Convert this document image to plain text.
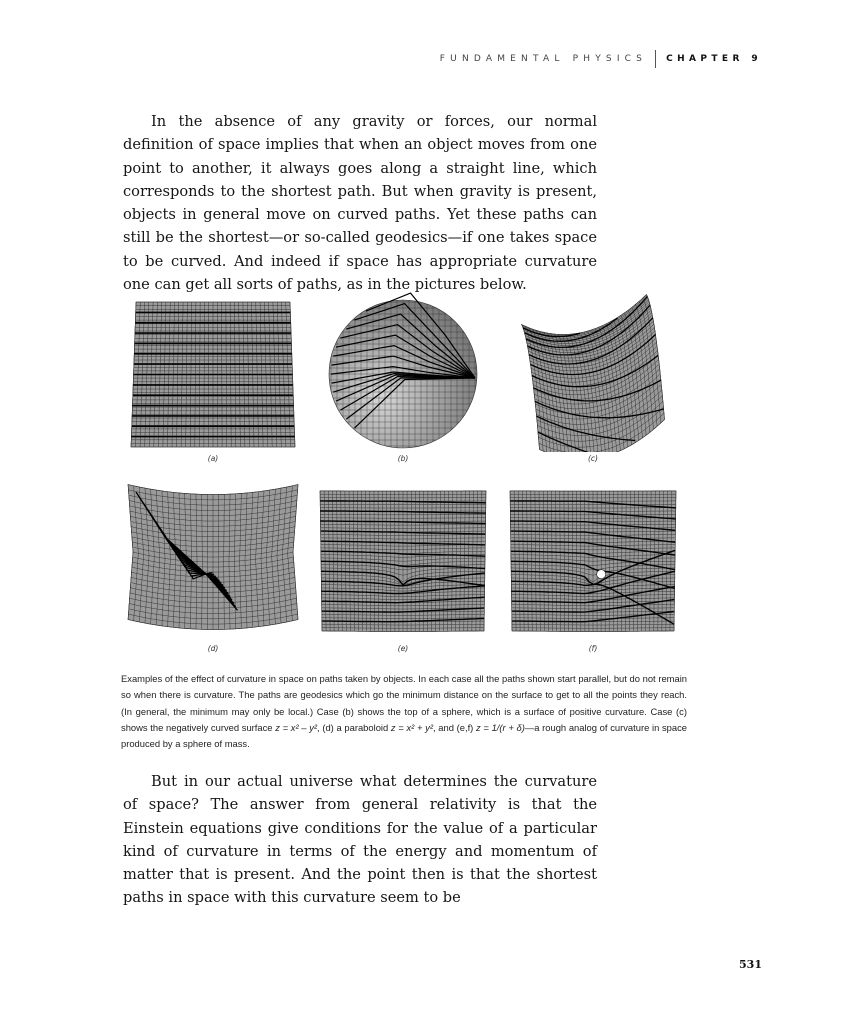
FUNDAMENTAL PHYSICS CHAPTER 9

In the absence of any gravity or forces, our normal definition of space implies that when an object moves from one point to another, it always goes along a straight line, which corresponds to the shortest path. But when gravity is present, objects in general move on curved paths. Yet these paths can still be the shortest—or so-called geodesics—if one takes space to be curved. And indeed if space has appropriate curvature one can get all sorts of paths, as in the pictures below.

(a)	(b)	(c)
(d)	(e)	(f)

Examples of the effect of curvature in space on paths taken by objects. In each case all the paths shown start parallel, but do not remain so when there is curvature. The paths are geodesics which go the minimum distance on the surface to get to all the points they reach. (In general, the minimum may only be local.) Case (b) shows the top of a sphere, which is a surface of positive curvature. Case (c) shows the negatively curved surface z = x² – y², (d) a paraboloid z = x² + y², and (e,f) z = 1/(r + δ)—a rough analog of curvature in space produced by a sphere of mass.

But in our actual universe what determines the curvature of space? The answer from general relativity is that the Einstein equations give conditions for the value of a particular kind of curvature in terms of the energy and momentum of matter that is present. And the point then is that the shortest paths in space with this curvature seem to be

531
